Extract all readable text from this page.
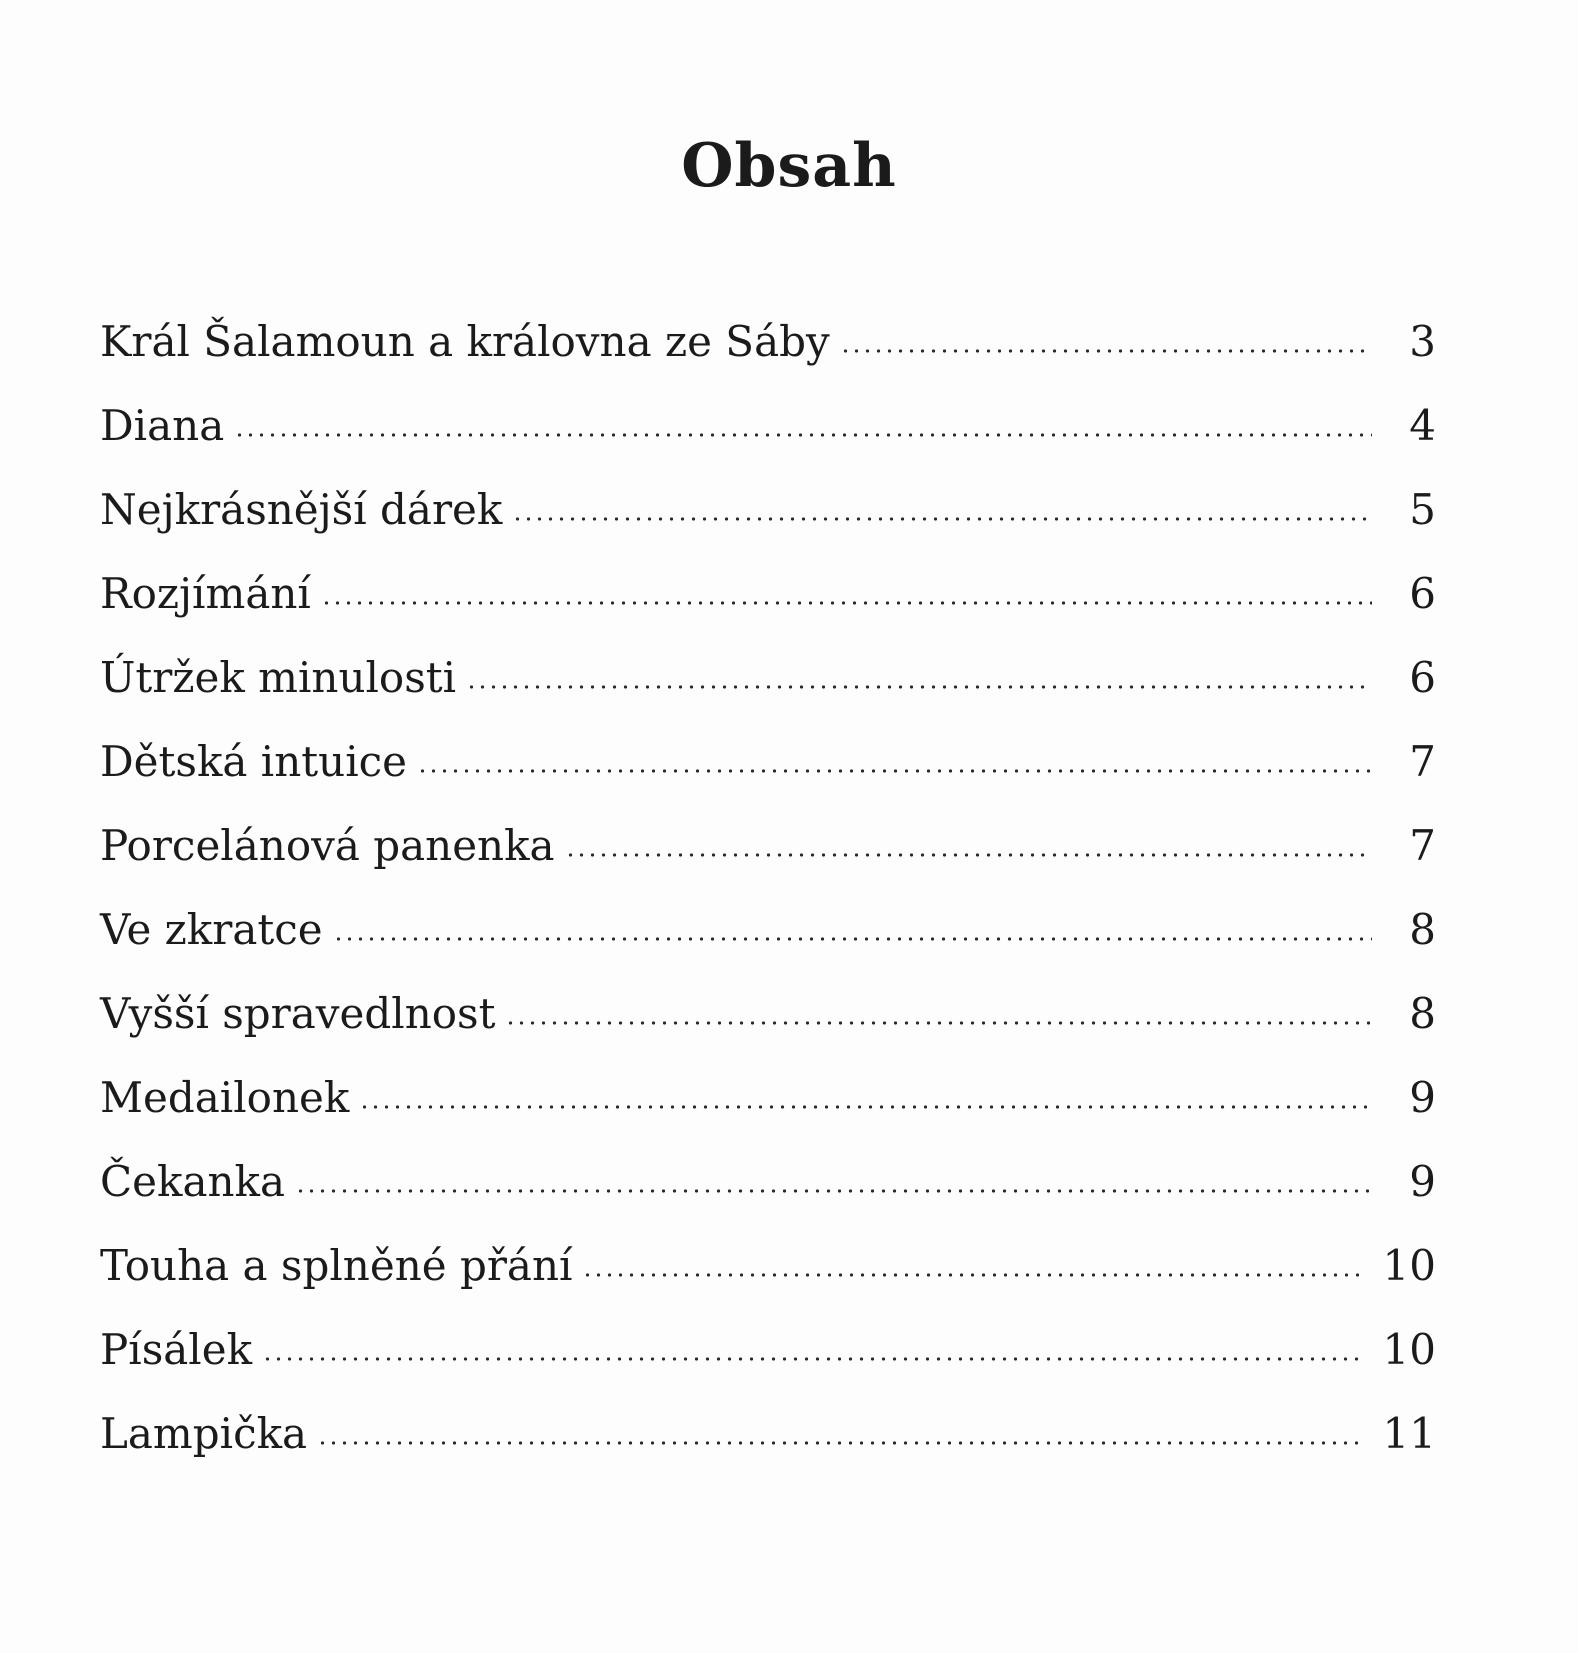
Obsah
Král Šalamoun a královna ze Sáby	3
Diana	4
Nejkrásnější dárek	5
Rozjímání	6
Útržek minulosti	6
Dětská intuice	7
Porcelánová panenka	7
Ve zkratce	8
Vyšší spravedlnost	8
Medailonek	9
Čekanka	9
Touha a splněné přání	10
Písálek	10
Lampička	11
